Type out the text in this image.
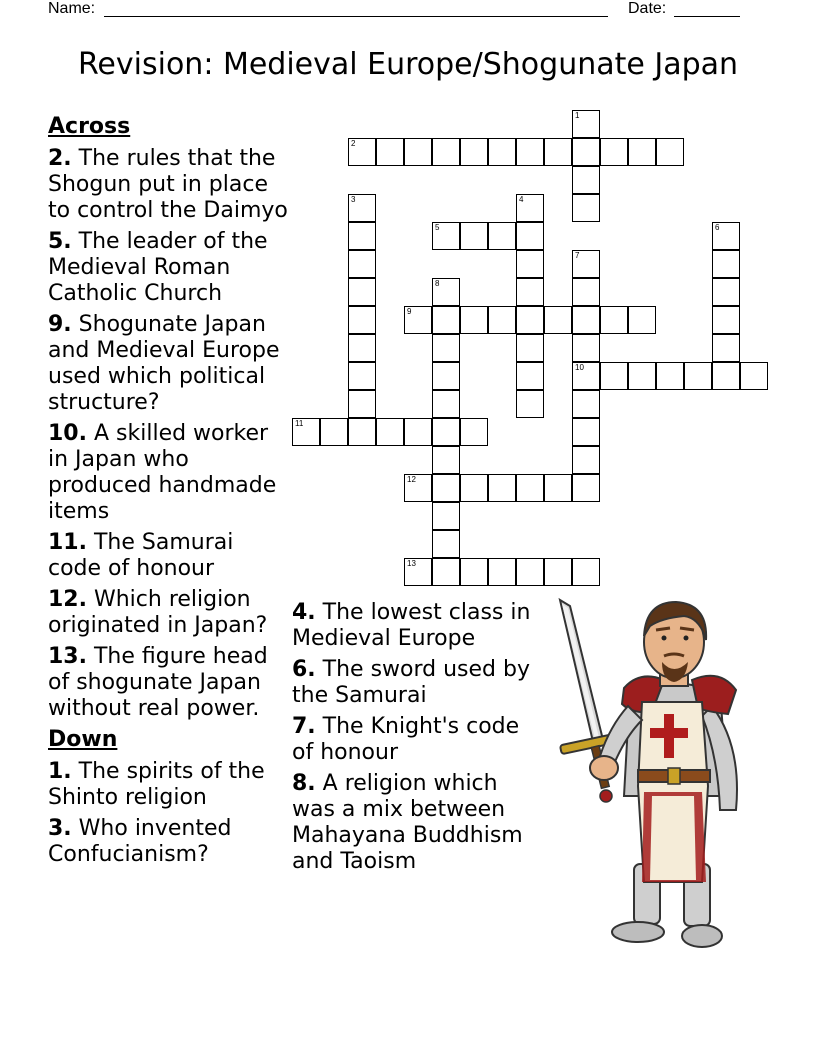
Name:	Date:
Revision: Medieval Europe/Shogunate Japan
Across
2. The rules that the Shogun put in place to control the Daimyo
5. The leader of the Medieval Roman Catholic Church
9. Shogunate Japan and Medieval Europe used which political structure?
10. A skilled worker in Japan who produced handmade items
11. The Samurai code of honour
12. Which religion originated in Japan?
13. The figure head of shogunate Japan without real power.
Down
1. The spirits of the Shinto religion
3. Who invented Confucianism?
4. The lowest class in Medieval Europe
6. The sword used by the Samurai
7. The Knight's code of honour
8. A religion which was a mix between Mahayana Buddhism and Taoism
2
5
9
10
11
12
13
1
3	4
6
7
8
